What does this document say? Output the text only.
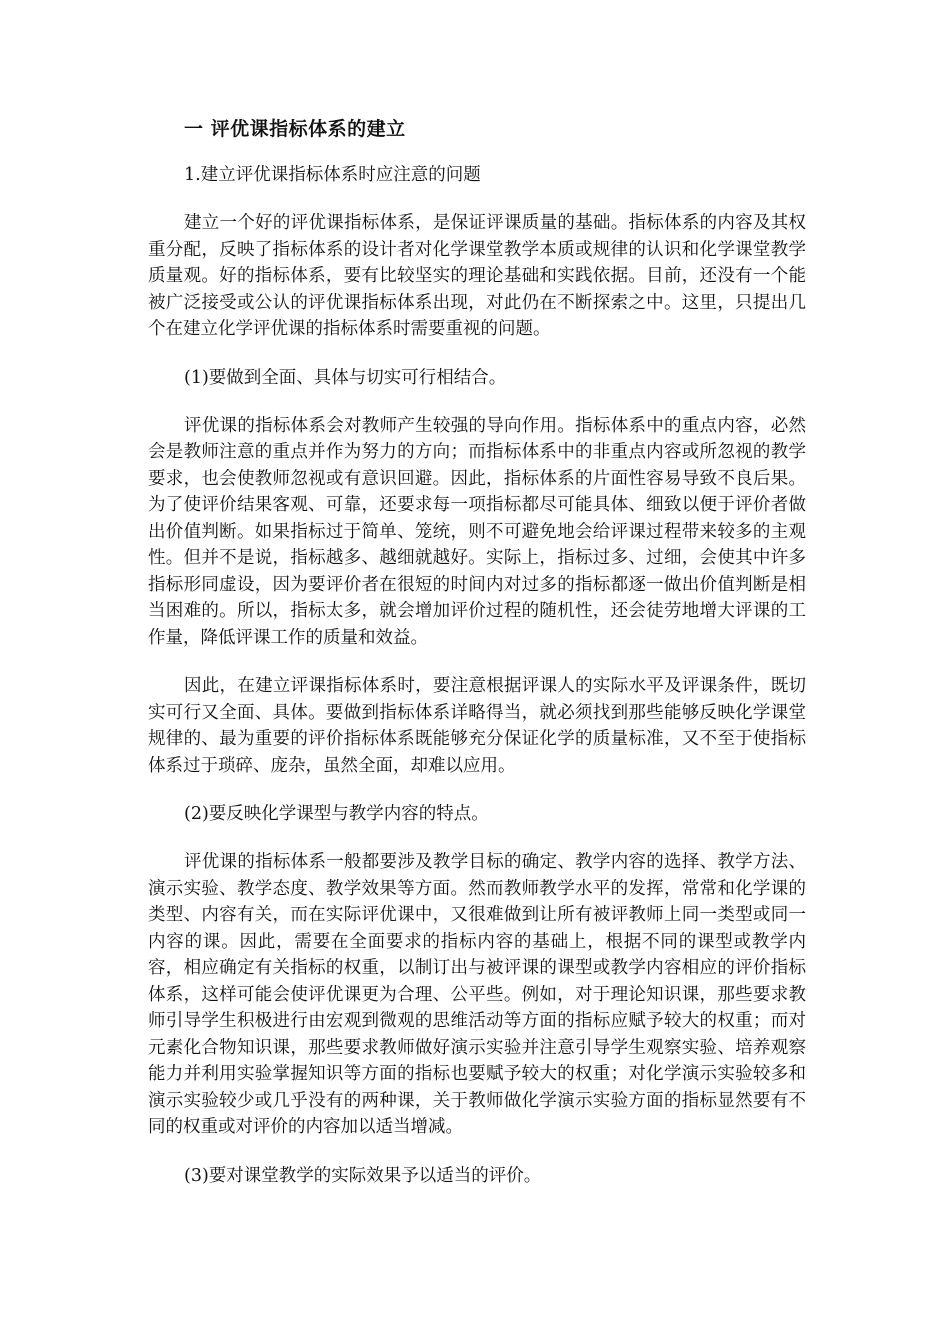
一 评优课指标体系的建立
1.建立评优课指标体系时应注意的问题

建立一个好的评优课指标体系，是保证评课质量的基础。指标体系的内容及其权重分配，反映了指标体系的设计者对化学课堂教学本质或规律的认识和化学课堂教学质量观。好的指标体系，要有比较坚实的理论基础和实践依据。目前，还没有一个能被广泛接受或公认的评优课指标体系出现，对此仍在不断探索之中。这里，只提出几个在建立化学评优课的指标体系时需要重视的问题。

(1)要做到全面、具体与切实可行相结合。

评优课的指标体系会对教师产生较强的导向作用。指标体系中的重点内容，必然会是教师注意的重点并作为努力的方向；而指标体系中的非重点内容或所忽视的教学要求，也会使教师忽视或有意识回避。因此，指标体系的片面性容易导致不良后果。为了使评价结果客观、可靠，还要求每一项指标都尽可能具体、细致以便于评价者做出价值判断。如果指标过于简单、笼统，则不可避免地会给评课过程带来较多的主观性。但并不是说，指标越多、越细就越好。实际上，指标过多、过细，会使其中许多指标形同虚设，因为要评价者在很短的时间内对过多的指标都逐一做出价值判断是相当困难的。所以，指标太多，就会增加评价过程的随机性，还会徒劳地增大评课的工作量，降低评课工作的质量和效益。

因此，在建立评课指标体系时，要注意根据评课人的实际水平及评课条件，既切实可行又全面、具体。要做到指标体系详略得当，就必须找到那些能够反映化学课堂规律的、最为重要的评价指标体系既能够充分保证化学的质量标准，又不至于使指标体系过于琐碎、庞杂，虽然全面，却难以应用。

(2)要反映化学课型与教学内容的特点。

评优课的指标体系一般都要涉及教学目标的确定、教学内容的选择、教学方法、演示实验、教学态度、教学效果等方面。然而教师教学水平的发挥，常常和化学课的类型、内容有关，而在实际评优课中，又很难做到让所有被评教师上同一类型或同一内容的课。因此，需要在全面要求的指标内容的基础上，根据不同的课型或教学内容，相应确定有关指标的权重，以制订出与被评课的课型或教学内容相应的评价指标体系，这样可能会使评优课更为合理、公平些。例如，对于理论知识课，那些要求教师引导学生积极进行由宏观到微观的思维活动等方面的指标应赋予较大的权重；而对元素化合物知识课，那些要求教师做好演示实验并注意引导学生观察实验、培养观察能力并利用实验掌握知识等方面的指标也要赋予较大的权重；对化学演示实验较多和演示实验较少或几乎没有的两种课，关于教师做化学演示实验方面的指标显然要有不同的权重或对评价的内容加以适当增减。

(3)要对课堂教学的实际效果予以适当的评价。
